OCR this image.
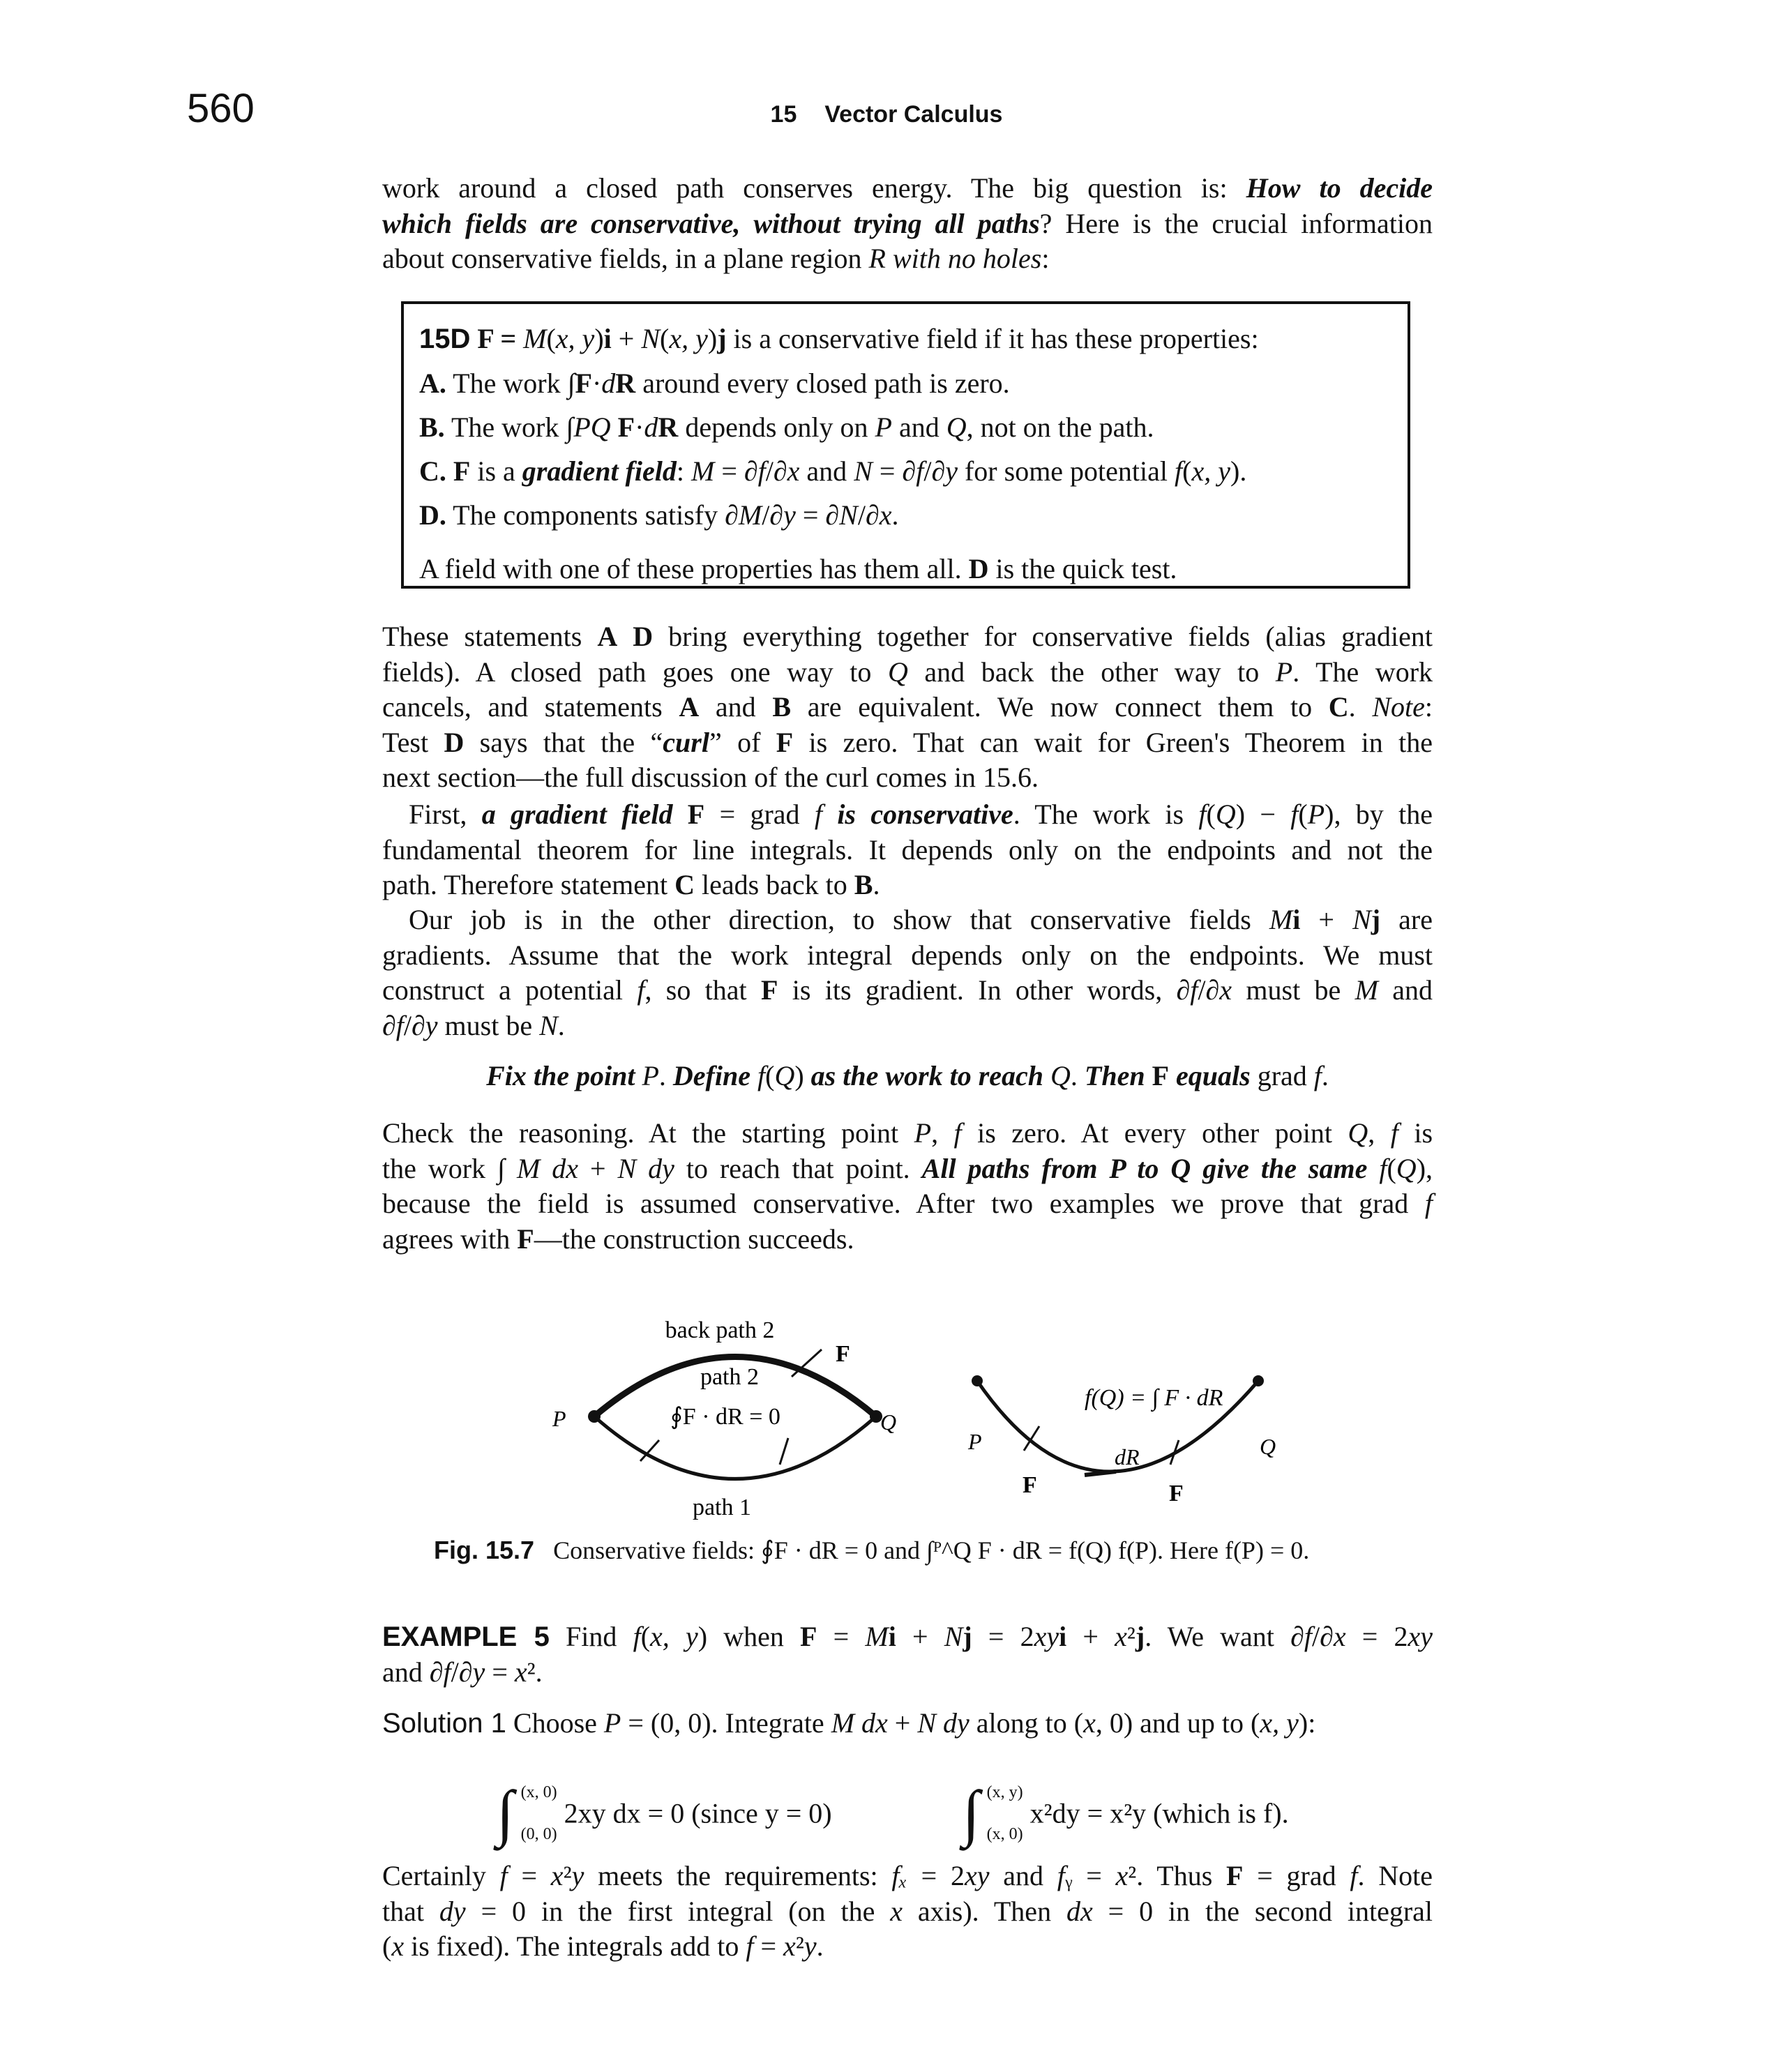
560	15 Vector Calculus
work around a closed path conserves energy. The big question is: How to decide
which fields are conservative, without trying all paths? Here is the crucial information
about conservative fields, in a plane region R with no holes:
15D F = M(x, y)i + N(x, y)j is a conservative field if it has these properties:
A. The work ∫F·dR around every closed path is zero.
B. The work ∫PQ F·dR depends only on P and Q, not on the path.
C. F is a gradient field: M = ∂f/∂x and N = ∂f/∂y for some potential f(x, y).
D. The components satisfy ∂M/∂y = ∂N/∂x.
A field with one of these properties has them all. D is the quick test.
These statements A D bring everything together for conservative fields (alias gradient
fields). A closed path goes one way to Q and back the other way to P. The work
cancels, and statements A and B are equivalent. We now connect them to C. Note:
Test D says that the “curl” of F is zero. That can wait for Green's Theorem in the
next section—the full discussion of the curl comes in 15.6.
First, a gradient field F = grad f is conservative. The work is f(Q) − f(P), by the
fundamental theorem for line integrals. It depends only on the endpoints and not the
path. Therefore statement C leads back to B.
Our job is in the other direction, to show that conservative fields Mi + Nj are
gradients. Assume that the work integral depends only on the endpoints. We must
construct a potential f, so that F is its gradient. In other words, ∂f/∂x must be M and
∂f/∂y must be N.
Fix the point P. Define f(Q) as the work to reach Q. Then F equals grad f.
Check the reasoning. At the starting point P, f is zero. At every other point Q, f is
the work ∫ M dx + N dy to reach that point. All paths from P to Q give the same f(Q),
because the field is assumed conservative. After two examples we prove that grad f
agrees with F—the construction succeeds.
back path 2
path 2
∮F · dR = 0
path 1
F
P	Q
f(Q) = ∫ F · dR
P	Q
dR
F	F
Fig. 15.7 Conservative fields: ∮F · dR = 0 and ∫ᴾ^Q F · dR = f(Q) f(P). Here f(P) = 0.
EXAMPLE 5 Find f(x, y) when F = Mi + Nj = 2xyi + x²j. We want ∂f/∂x = 2xy
and ∂f/∂y = x².
Solution 1 Choose P = (0, 0). Integrate M dx + N dy along to (x, 0) and up to (x, y):
∫ (x, 0)
(0, 0) 2xy dx = 0 (since y = 0) ∫ (x, y)
(x, 0) x²dy = x²y (which is f).
Certainly f = x²y meets the requirements: fₓ = 2xy and fᵧ = x². Thus F = grad f. Note
that dy = 0 in the first integral (on the x axis). Then dx = 0 in the second integral
(x is fixed). The integrals add to f = x²y.
